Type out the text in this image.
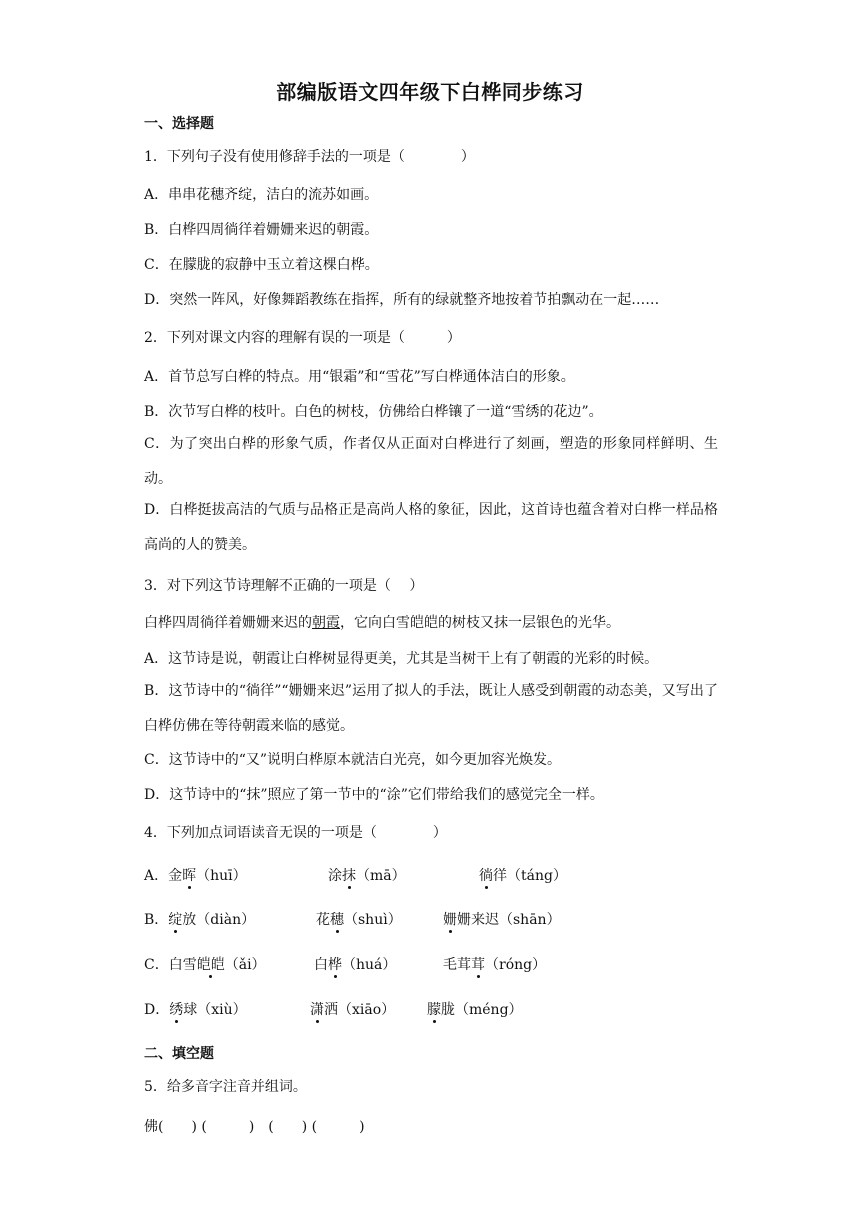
部编版语文四年级下白桦同步练习
一、选择题
1．下列句子没有使用修辞手法的一项是（　　　　）
A．串串花穗齐绽，洁白的流苏如画。
B．白桦四周徜徉着姗姗来迟的朝霞。
C．在朦胧的寂静中玉立着这棵白桦。
D．突然一阵风，好像舞蹈教练在指挥，所有的绿就整齐地按着节拍飘动在一起……
2．下列对课文内容的理解有误的一项是（　　　）
A．首节总写白桦的特点。用“银霜”和“雪花”写白桦通体洁白的形象。
B．次节写白桦的枝叶。白色的树枝，仿佛给白桦镶了一道“雪绣的花边”。
C．为了突出白桦的形象气质，作者仅从正面对白桦进行了刻画，塑造的形象同样鲜明、生动。
D．白桦挺拔高洁的气质与品格正是高尚人格的象征，因此，这首诗也蕴含着对白桦一样品格高尚的人的赞美。
3．对下列这节诗理解不正确的一项是（　 ）
白桦四周徜徉着姗姗来迟的朝霞，它向白雪皑皑的树枝又抹一层银色的光华。
A．这节诗是说，朝霞让白桦树显得更美，尤其是当树干上有了朝霞的光彩的时候。
B．这节诗中的“徜徉”“姗姗来迟”运用了拟人的手法，既让人感受到朝霞的动态美，又写出了白桦仿佛在等待朝霞来临的感觉。
C．这节诗中的“又”说明白桦原本就洁白光亮，如今更加容光焕发。
D．这节诗中的“抹”照应了第一节中的“涂”它们带给我们的感觉完全一样。
4．下列加点词语读音无误的一项是（　　　　）
A．金晖（huī）	涂抹（mā）	徜徉（táng）
B．绽放（diàn）	花穗（shuì）	姗姗来迟（shān）
C．白雪皑皑（ǎi）	白桦（huá）	毛茸茸（róng）
D．绣球（xiù）	潇洒（xiāo） 朦胧（méng）
二、填空题
5．给多音字注音并组词。
佛(　　) (　　　)　(　　) (　　　)
